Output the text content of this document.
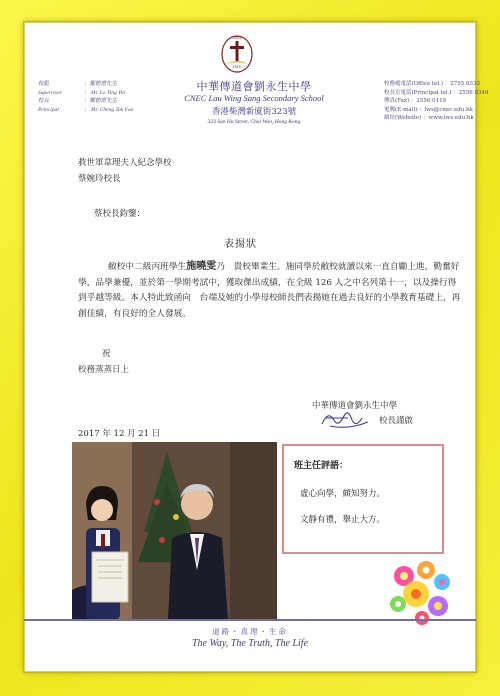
校監	：羅德禮先生
Supervisor	： Mr. Lo Ting Yin
校長	：鄭德富先生
Principal	： Mr. Cheng Tak Foo
CNEC
LWS
中華傳道會劉永生中學
CNEC Lau Wing Sang Secondary School
香港柴灣新廈街323號
323 San Ha Street, Chai Wan, Hong Kong
校務處電話(Office tel.) ：2755 6333
校長室電話(Principal tel.) ：2556 8349
傳真(Fax) ：2556 0119
電郵(E-mail) ：lws@cnec.edu.hk
網址(Website) ：www.lws.edu.hk
救世軍韋理夫人紀念學校
蔡婉玲校長
蔡校長鈞鑒：
表揚狀
敝校中二級丙班學生施曉雯乃　貴校畢業生。施同學於敝校就讀以來一直自勵上進，勤奮好學，品學兼優，並於第一學期考試中，獲取傑出成績，在全級 126 人之中名列第十一，以及操行得到乎越等級。本人特此致函向　台端及她的小學母校師長們表揚她在過去良好的小學教育基礎上，再創佳績，有良好的全人發展。
祝
校務蒸蒸日上
中華傳道會劉永生中學
校長謹啟
2017 年 12 月 21 日
班主任評語：
虛心向學，頗知努力。
文靜有禮，舉止大方。
道路・真理・生命
The Way, The Truth, The Life
